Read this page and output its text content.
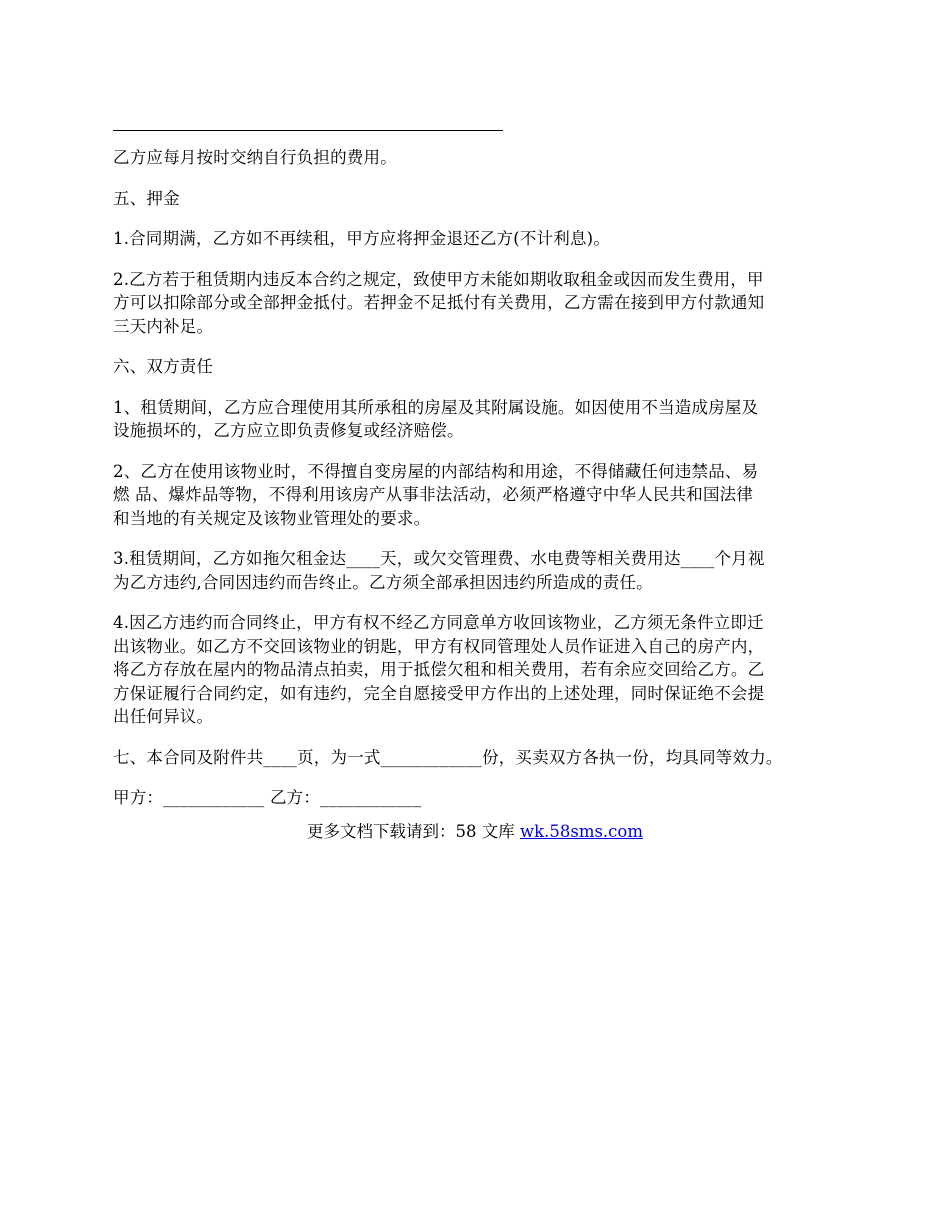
乙方应每月按时交纳自行负担的费用。

五、押金

1.合同期满，乙方如不再续租，甲方应将押金退还乙方(不计利息)。

2.乙方若于租赁期内违反本合约之规定，致使甲方未能如期收取租金或因而发生费用，甲
方可以扣除部分或全部押金抵付。若押金不足抵付有关费用，乙方需在接到甲方付款通知
三天内补足。

六、双方责任

1、租赁期间，乙方应合理使用其所承租的房屋及其附属设施。如因使用不当造成房屋及
设施损坏的，乙方应立即负责修复或经济赔偿。

2、乙方在使用该物业时，不得擅自变房屋的内部结构和用途，不得储藏任何违禁品、易
燃 品、爆炸品等物，不得利用该房产从事非法活动，必须严格遵守中华人民共和国法律
和当地的有关规定及该物业管理处的要求。

3.租赁期间，乙方如拖欠租金达____天，或欠交管理费、水电费等相关费用达____个月视
为乙方违约,合同因违约而告终止。乙方须全部承担因违约所造成的责任。

4.因乙方违约而合同终止，甲方有权不经乙方同意单方收回该物业，乙方须无条件立即迁
出该物业。如乙方不交回该物业的钥匙，甲方有权同管理处人员作证进入自己的房产内，
将乙方存放在屋内的物品清点拍卖，用于抵偿欠租和相关费用，若有余应交回给乙方。乙
方保证履行合同约定，如有违约，完全自愿接受甲方作出的上述处理，同时保证绝不会提
出任何异议。

七、本合同及附件共____页，为一式____________份，买卖双方各执一份，均具同等效力。

甲方：____________ 乙方：____________

更多文档下载请到：58 文库 wk.58sms.com
